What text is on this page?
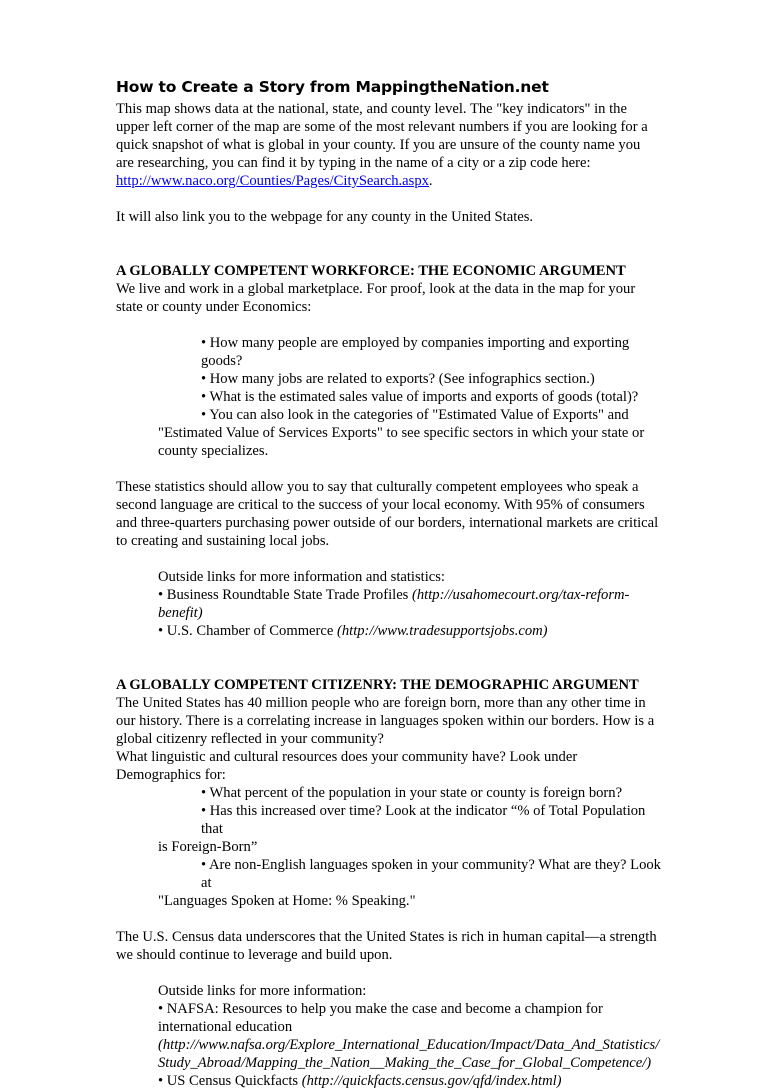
How to Create a Story from MappingtheNation.net

This map shows data at the national, state, and county level. The "key indicators" in the upper left corner of the map are some of the most relevant numbers if you are looking for a quick snapshot of what is global in your county. If you are unsure of the county name you are researching, you can find it by typing in the name of a city or a zip code here: http://www.naco.org/Counties/Pages/CitySearch.aspx.

It will also link you to the webpage for any county in the United States.

A GLOBALLY COMPETENT WORKFORCE: THE ECONOMIC ARGUMENT

We live and work in a global marketplace. For proof, look at the data in the map for your state or county under Economics:

• How many people are employed by companies importing and exporting goods?
• How many jobs are related to exports? (See infographics section.)
• What is the estimated sales value of imports and exports of goods (total)?
• You can also look in the categories of "Estimated Value of Exports" and
"Estimated Value of Services Exports" to see specific sectors in which your state or county specializes.

These statistics should allow you to say that culturally competent employees who speak a second language are critical to the success of your local economy. With 95% of consumers and three-quarters purchasing power outside of our borders, international markets are critical to creating and sustaining local jobs.

Outside links for more information and statistics:
• Business Roundtable State Trade Profiles (http://usahomecourt.org/tax-reform-benefit)
• U.S. Chamber of Commerce (http://www.tradesupportsjobs.com)
A GLOBALLY COMPETENT CITIZENRY: THE DEMOGRAPHIC ARGUMENT

The United States has 40 million people who are foreign born, more than any other time in our history. There is a correlating increase in languages spoken within our borders. How is a global citizenry reflected in your community?

What linguistic and cultural resources does your community have? Look under Demographics for:

• What percent of the population in your state or county is foreign born?
• Has this increased over time? Look at the indicator “% of Total Population that
is Foreign-Born”
• Are non-English languages spoken in your community? What are they? Look at
"Languages Spoken at Home: % Speaking."

The U.S. Census data underscores that the United States is rich in human capital—a strength we should continue to leverage and build upon.

Outside links for more information:
• NAFSA: Resources to help you make the case and become a champion for international education
(http://www.nafsa.org/Explore_International_Education/Impact/Data_And_Statistics/Study_Abroad/Mapping_the_Nation__Making_the_Case_for_Global_Competence/)
• US Census Quickfacts (http://quickfacts.census.gov/qfd/index.html)
